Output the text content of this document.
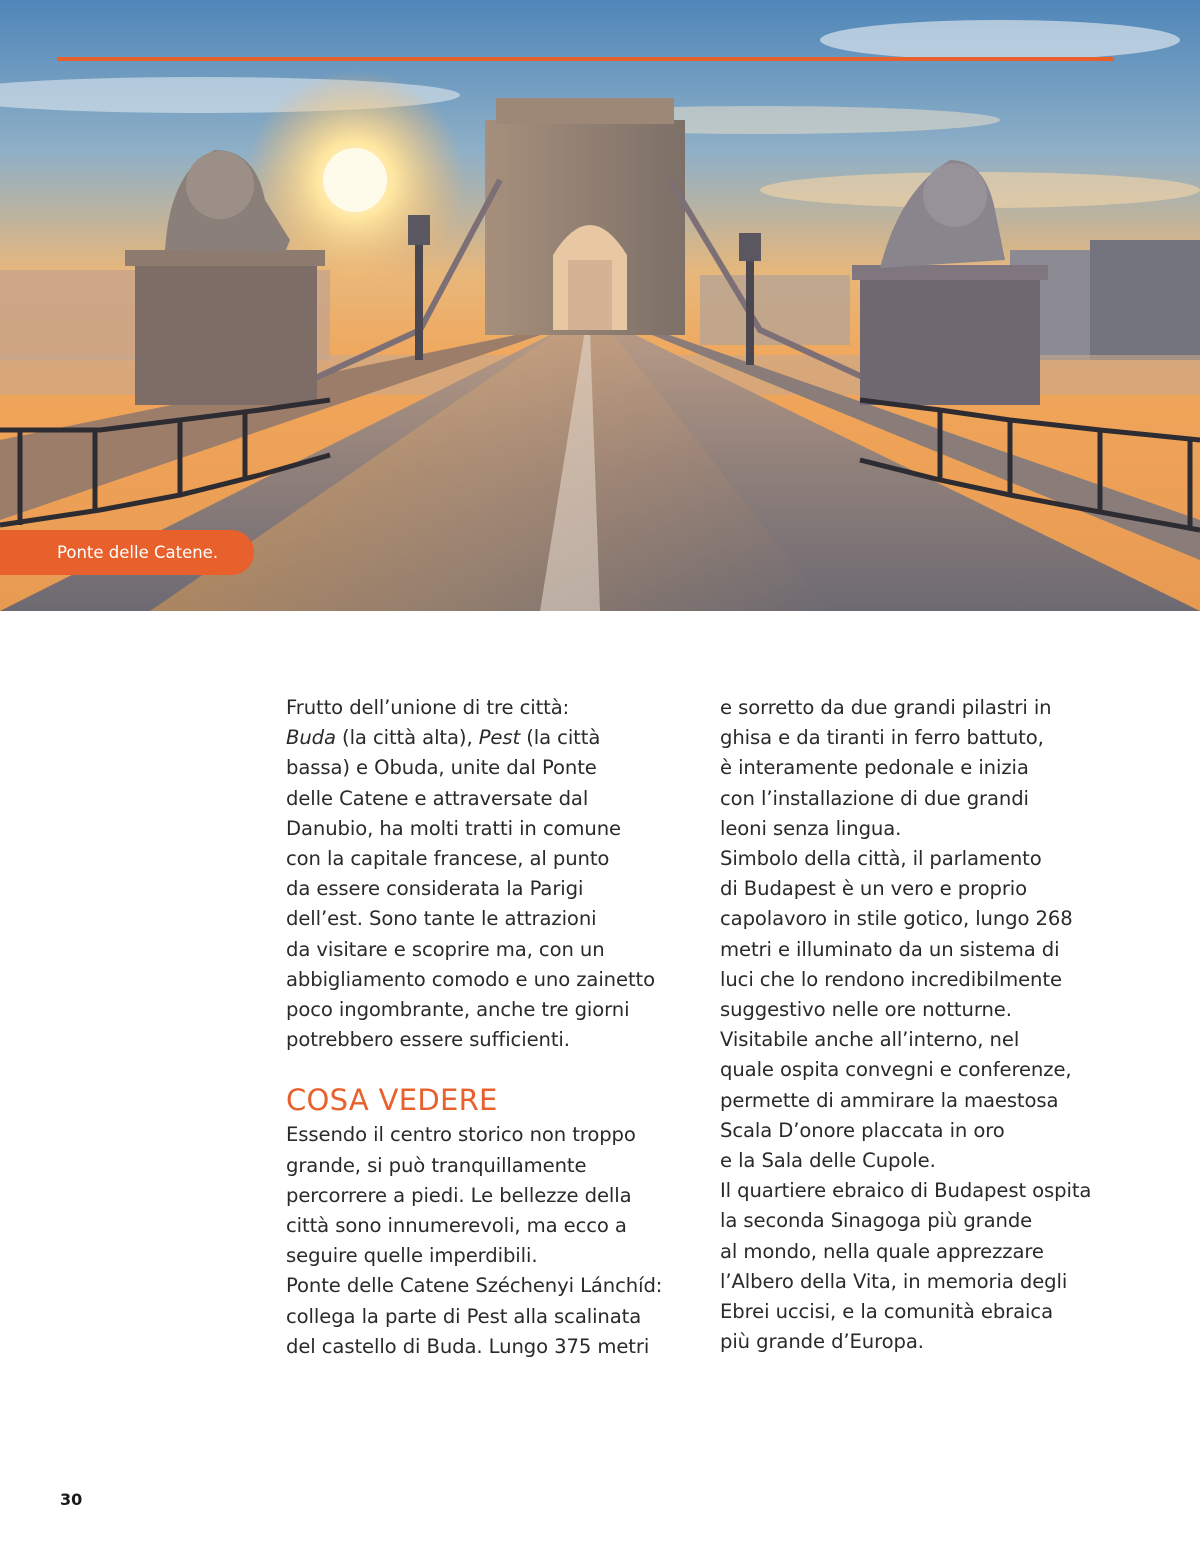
Ponte delle Catene.

Frutto dell’unione di tre città:
Buda (la città alta), Pest (la città
bassa) e Obuda, unite dal Ponte
delle Catene e attraversate dal
Danubio, ha molti tratti in comune
con la capitale francese, al punto
da essere considerata la Parigi
dell’est. Sono tante le attrazioni
da visitare e scoprire ma, con un
abbigliamento comodo e uno zainetto
poco ingombrante, anche tre giorni
potrebbero essere sufficienti.

COSA VEDERE

Essendo il centro storico non troppo
grande, si può tranquillamente
percorrere a piedi. Le bellezze della
città sono innumerevoli, ma ecco a
seguire quelle imperdibili.
Ponte delle Catene Széchenyi Lánchíd:
collega la parte di Pest alla scalinata
del castello di Buda. Lungo 375 metri

e sorretto da due grandi pilastri in
ghisa e da tiranti in ferro battuto,
è interamente pedonale e inizia
con l’installazione di due grandi
leoni senza lingua.
Simbolo della città, il parlamento
di Budapest è un vero e proprio
capolavoro in stile gotico, lungo 268
metri e illuminato da un sistema di
luci che lo rendono incredibilmente
suggestivo nelle ore notturne.
Visitabile anche all’interno, nel
quale ospita convegni e conferenze,
permette di ammirare la maestosa
Scala D’onore placcata in oro
e la Sala delle Cupole.
Il quartiere ebraico di Budapest ospita
la seconda Sinagoga più grande
al mondo, nella quale apprezzare
l’Albero della Vita, in memoria degli
Ebrei uccisi, e la comunità ebraica
più grande d’Europa.

30
